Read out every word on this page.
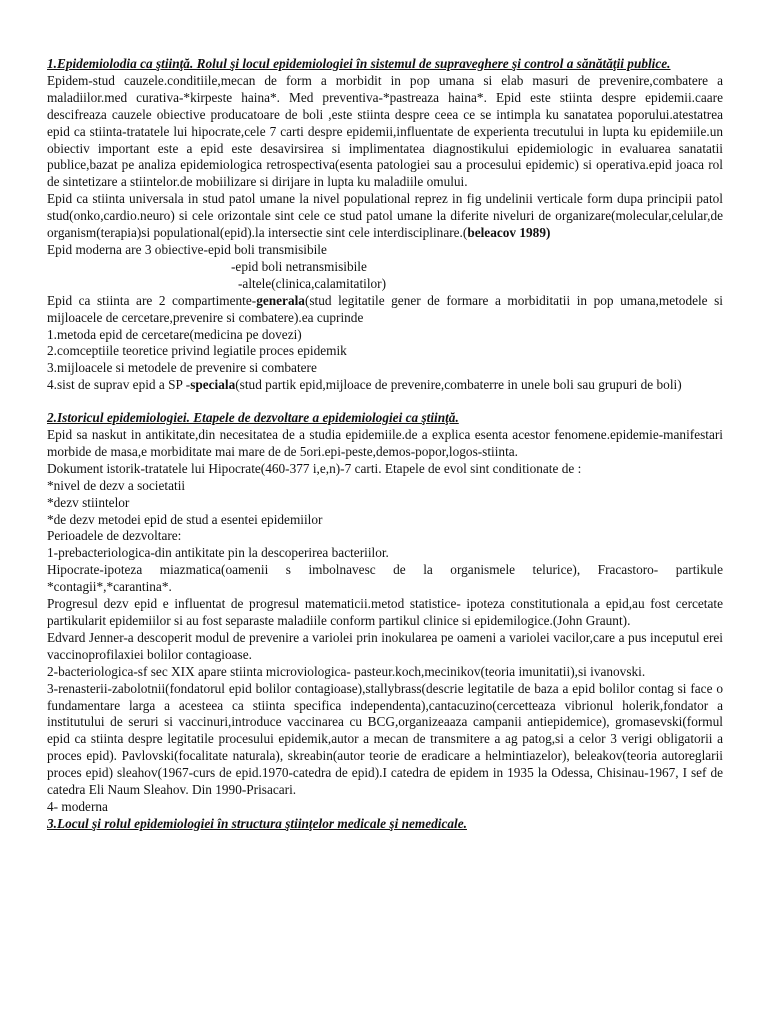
1.Epidemiolodia ca ştiinţă. Rolul şi locul epidemiologiei în sistemul de supraveghere şi control a sănătăţii publice.

Epidem-stud cauzele.conditiile,mecan de form a morbidit in pop umana si elab masuri de prevenire,combatere a maladiilor.med curativa-*kirpeste haina*. Med preventiva-*pastreaza haina*. Epid este stiinta despre epidemii.caare descifreaza cauzele obiective producatoare de boli ,este stiinta despre ceea ce se intimpla ku sanatatea poporului.atestatrea epid ca stiinta-tratatele lui hipocrate,cele 7 carti despre epidemii,influentate de experienta trecutului in lupta ku epidemiile.un obiectiv important este a epid este desavirsirea si implimentatea diagnostikului epidemiologic in evaluarea sanatatii publice,bazat pe analiza epidemiologica retrospectiva(esenta patologiei sau a procesului epidemic) si operativa.epid joaca rol de sintetizare a stiintelor.de mobiilizare si dirijare in lupta ku maladiile omului.

Epid ca stiinta universala in stud patol umane la nivel populational reprez in fig undelinii verticale form dupa principii patol stud(onko,cardio.neuro) si cele orizontale sint cele ce stud patol umane la diferite niveluri de organizare(molecular,celular,de organism(terapia)si populational(epid).la intersectie sint cele interdisciplinare.(beleacov 1989)

Epid moderna are 3 obiective-epid boli transmisibile

-epid boli netransmisibile

-altele(clinica,calamitatilor)

Epid ca stiinta are 2 compartimente-generala(stud legitatile gener de formare a morbiditatii in pop umana,metodele si mijloacele de cercetare,prevenire si combatere).ea cuprinde

1.metoda epid de cercetare(medicina pe dovezi)

2.comceptiile teoretice privind legiatile proces epidemik

3.mijloacele si metodele de prevenire si combatere

4.sist de suprav epid a SP -speciala(stud partik epid,mijloace de prevenire,combaterre in unele boli sau grupuri de boli)

2.Istoricul epidemiologiei. Etapele de dezvoltare a epidemiologiei ca ştiinţă.

Epid sa naskut in antikitate,din necesitatea de a studia epidemiile.de a explica esenta acestor fenomene.epidemie-manifestari morbide de masa,e morbiditate mai mare de de 5ori.epi-peste,demos-popor,logos-stiinta.

Dokument istorik-tratatele lui Hipocrate(460-377 i,e,n)-7 carti. Etapele de evol sint conditionate de :

*nivel de dezv a societatii

*dezv stiintelor

*de dezv metodei epid de stud a esentei epidemiilor

Perioadele de dezvoltare:

1-prebacteriologica-din antikitate pin la descoperirea bacteriilor.

Hipocrate-ipoteza miazmatica(oamenii s imbolnavesc de la organismele telurice), Fracastoro- partikule *contagii*,*carantina*.

Progresul dezv epid e influentat de progresul matematicii.metod statistice- ipoteza constitutionala a epid,au fost cercetate partikularit epidemiilor si au fost separaste maladiile conform partikul clinice si epidemilogice.(John Graunt).

Edvard Jenner-a descoperit modul de prevenire a variolei prin inokularea pe oameni a variolei vacilor,care a pus inceputul erei vaccinoprofilaxiei bolilor contagioase.

2-bacteriologica-sf sec XIX apare stiinta microviologica- pasteur.koch,mecinikov(teoria imunitatii),si ivanovski.

3-renasterii-zabolotnii(fondatorul epid bolilor contagioase),stallybrass(descrie legitatile de baza a epid bolilor contag si face o fundamentare larga a acesteea ca stiinta specifica independenta),cantacuzino(cercetteaza vibrionul holerik,fondator a institutului de seruri si vaccinuri,introduce vaccinarea cu BCG,organizeaaza campanii antiepidemice), gromasevski(formul epid ca stiinta despre legitatile procesului epidemik,autor a mecan de transmitere a ag patog,si a celor 3 verigi obligatorii a proces epid). Pavlovski(focalitate naturala), skreabin(autor teorie de eradicare a helmintiazelor), beleakov(teoria autoreglarii proces epid) sleahov(1967-curs de epid.1970-catedra de epid).I catedra de epidem in 1935 la Odessa, Chisinau-1967, I sef de catedra Eli Naum Sleahov. Din 1990-Prisacari.

4- moderna

3.Locul şi rolul epidemiologiei în structura ştiinţelor medicale şi nemedicale.
